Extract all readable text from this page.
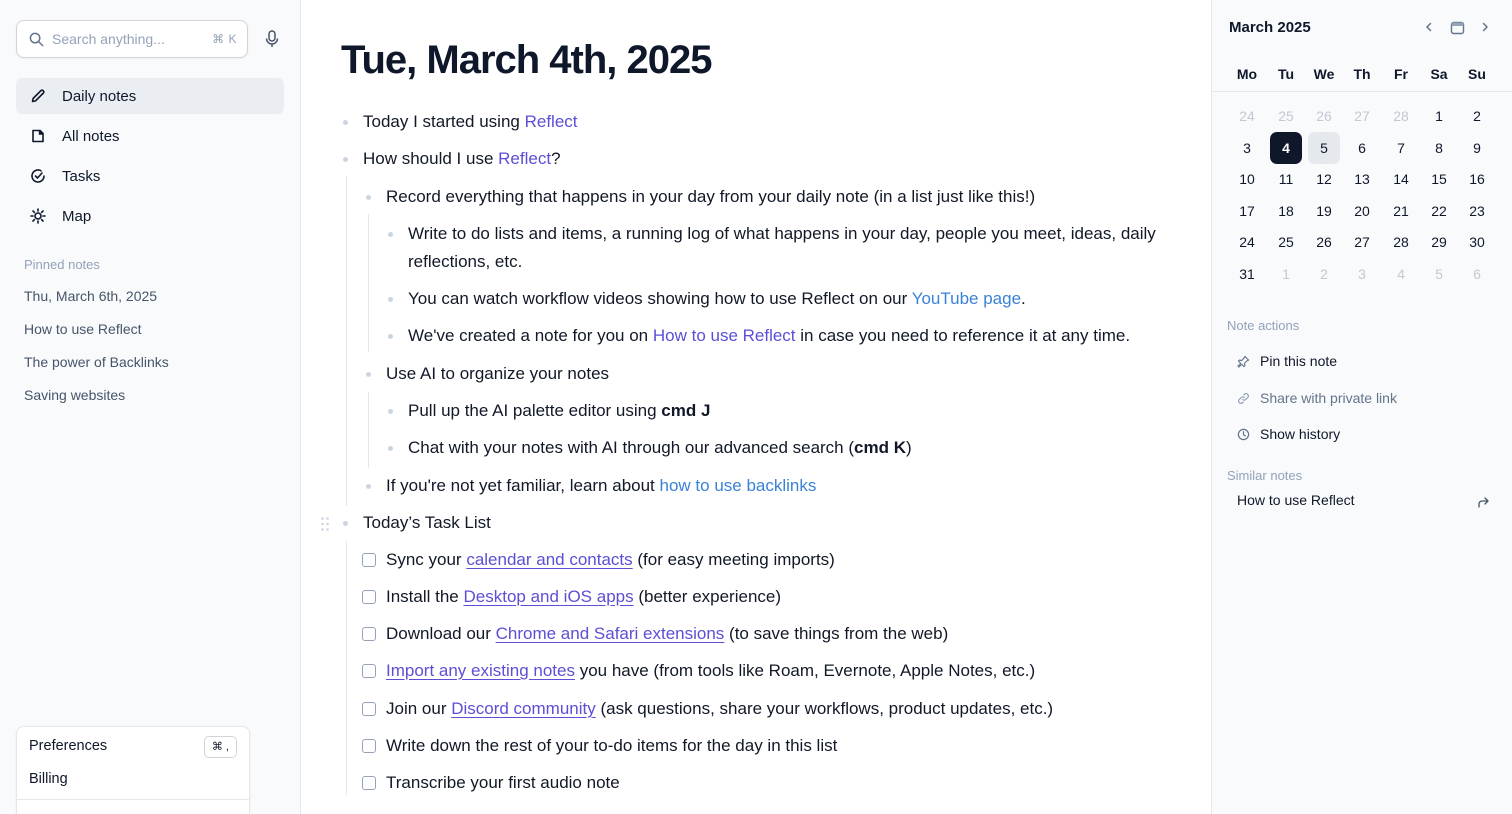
Search anything...	⌘ K
Daily notes
All notes
Tasks
Map
Pinned notes
Thu, March 6th, 2025
How to use Reflect
The power of Backlinks
Saving websites
Preferences	⌘ ,
Billing
Tue, March 4th, 2025
Today I started using Reflect
How should I use Reflect?
Record everything that happens in your day from your daily note (in a list just like this!)
Write to do lists and items, a running log of what happens in your day, people you meet, ideas, daily
reflections, etc.
You can watch workflow videos showing how to use Reflect on our YouTube page.
We've created a note for you on How to use Reflect in case you need to reference it at any time.
Use AI to organize your notes
Pull up the AI palette editor using cmd J
Chat with your notes with AI through our advanced search (cmd K)
If you're not yet familiar, learn about how to use backlinks
Today’s Task List
Sync your calendar and contacts (for easy meeting imports)
Install the Desktop and iOS apps (better experience)
Download our Chrome and Safari extensions (to save things from the web)
Import any existing notes you have (from tools like Roam, Evernote, Apple Notes, etc.)
Join our Discord community (ask questions, share your workflows, product updates, etc.)
Write down the rest of your to-do items for the day in this list
Transcribe your first audio note
March 2025
Mo	Tu	We	Th	Fr	Sa	Su
24	25	26	27	28	1	2
3	4	5	6	7	8	9
10	11	12	13	14	15	16
17	18	19	20	21	22	23
24	25	26	27	28	29	30
31	1	2	3	4	5	6
Note actions
Pin this note
Share with private link
Show history
Similar notes
How to use Reflect
